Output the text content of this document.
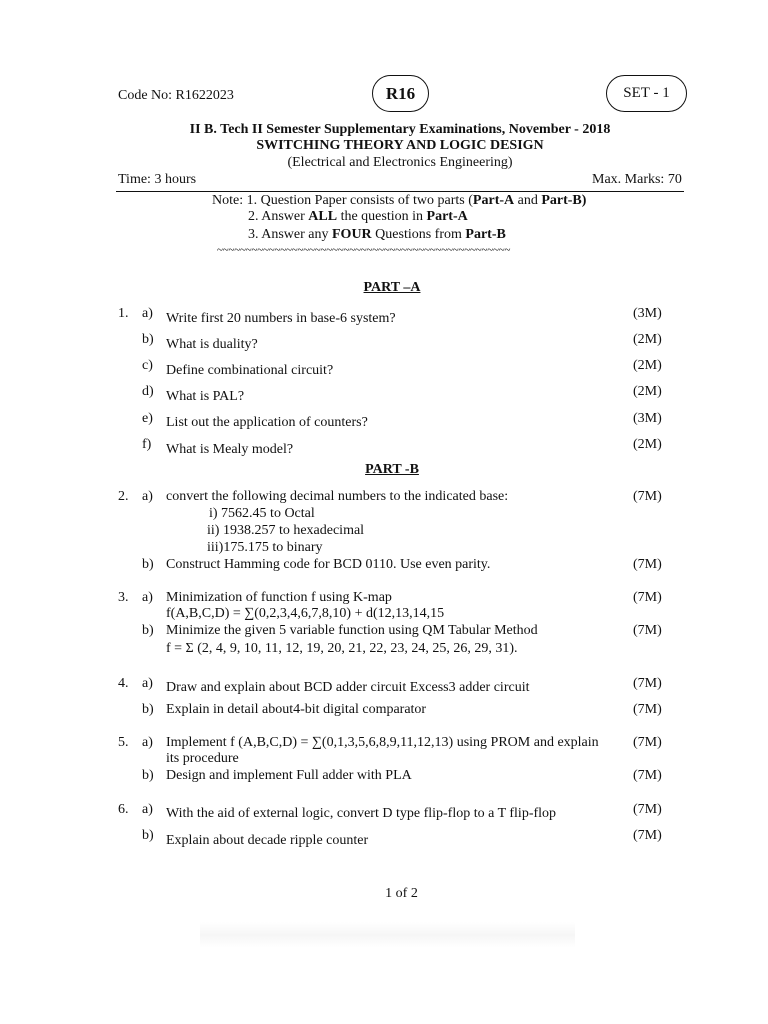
Code No: R1622023	R16	SET - 1
II B. Tech II Semester Supplementary Examinations, November - 2018
SWITCHING THEORY AND LOGIC DESIGN
(Electrical and Electronics Engineering)
Time: 3 hours	Max. Marks: 70
Note: 1. Question Paper consists of two parts (Part-A and Part-B)
2. Answer ALL the question in Part-A
3. Answer any FOUR Questions from Part-B
~~~~~~~~~~~~~~~~~~~~~~~~~~~~~~~~~~~~~~~~~~~~~~~~~~~
PART –A
1. a) Write first 20 numbers in base-6 system?	(3M)
b) What is duality?	(2M)
c) Define combinational circuit?	(2M)
d) What is PAL?	(2M)
e) List out the application of counters?	(3M)
f) What is Mealy model?	(2M)
PART -B
2. a) convert the following decimal numbers to the indicated base:	(7M)
i) 7562.45 to Octal
ii) 1938.257 to hexadecimal
iii)175.175 to binary
b) Construct Hamming code for BCD 0110. Use even parity.	(7M)
3. a) Minimization of function f using K-map	(7M)
f(A,B,C,D) = ∑(0,2,3,4,6,7,8,10) + d(12,13,14,15
b) Minimize the given 5 variable function using QM Tabular Method	(7M)
f = Σ (2, 4, 9, 10, 11, 12, 19, 20, 21, 22, 23, 24, 25, 26, 29, 31).
4. a) Draw and explain about BCD adder circuit Excess3 adder circuit	(7M)
b) Explain in detail about4-bit digital comparator	(7M)
5. a) Implement f (A,B,C,D) = ∑(0,1,3,5,6,8,9,11,12,13) using PROM and explain
its procedure
(7M)
b) Design and implement Full adder with PLA	(7M)
6. a) With the aid of external logic, convert D type flip-flop to a T flip-flop	(7M)
b) Explain about decade ripple counter	(7M)
1 of 2
